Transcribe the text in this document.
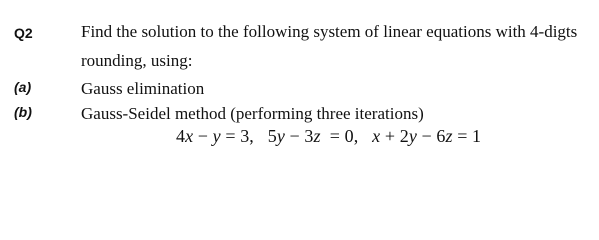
Q2	Find the solution to the following system of linear equations with 4-digts
rounding, using:
(a)	Gauss elimination
(b)	Gauss-Seidel method (performing three iterations)
4x − y = 3, 5y − 3z  = 0, x + 2y − 6z = 1
